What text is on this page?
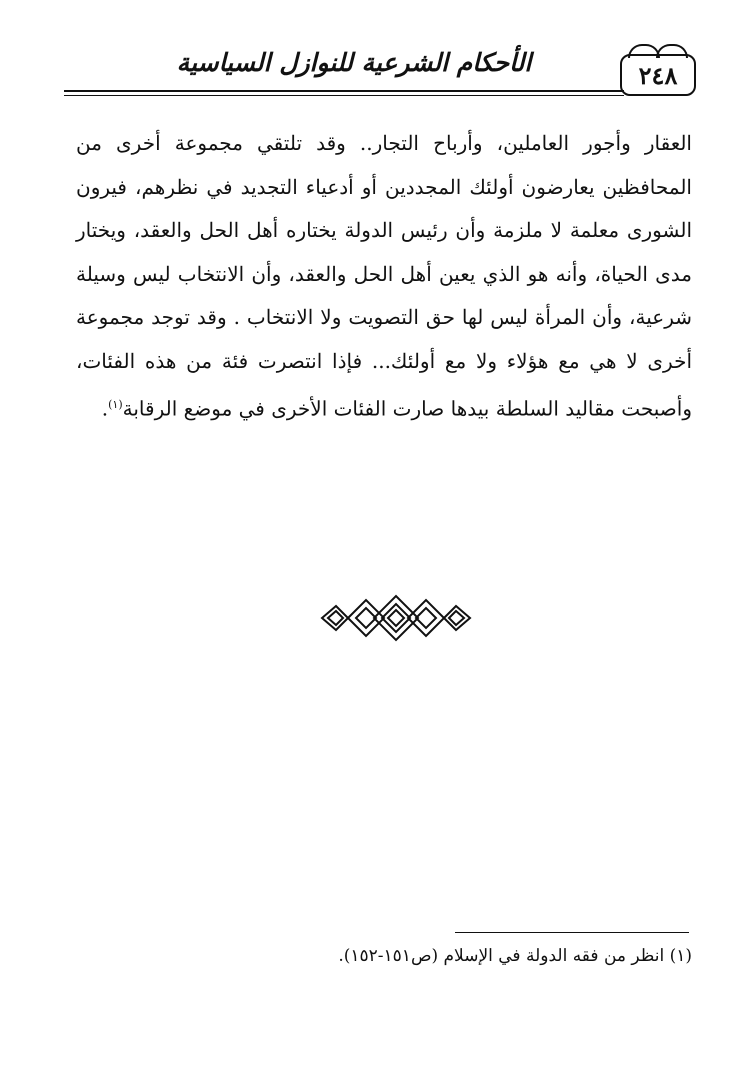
٢٤٨
الأحكام الشرعية للنوازل السياسية
العقار وأجور العاملين، وأرباح التجار.. وقد تلتقي مجموعة أخرى من المحافظين يعارضون أولئك المجددين أو أدعياء التجديد في نظرهم، فيرون الشورى معلمة لا ملزمة وأن رئيس الدولة يختاره أهل الحل والعقد، ويختار مدى الحياة، وأنه هو الذي يعين أهل الحل والعقد، وأن الانتخاب ليس وسيلة شرعية، وأن المرأة ليس لها حق التصويت ولا الانتخاب . وقد توجد مجموعة أخرى لا هي مع هؤلاء ولا مع أولئك... فإذا انتصرت فئة من هذه الفئات، وأصبحت مقاليد السلطة بيدها صارت الفئات الأخرى في موضع الرقابة$^{(١)}$.
(١) انظر من فقه الدولة في الإسلام (ص١٥١-١٥٢).
